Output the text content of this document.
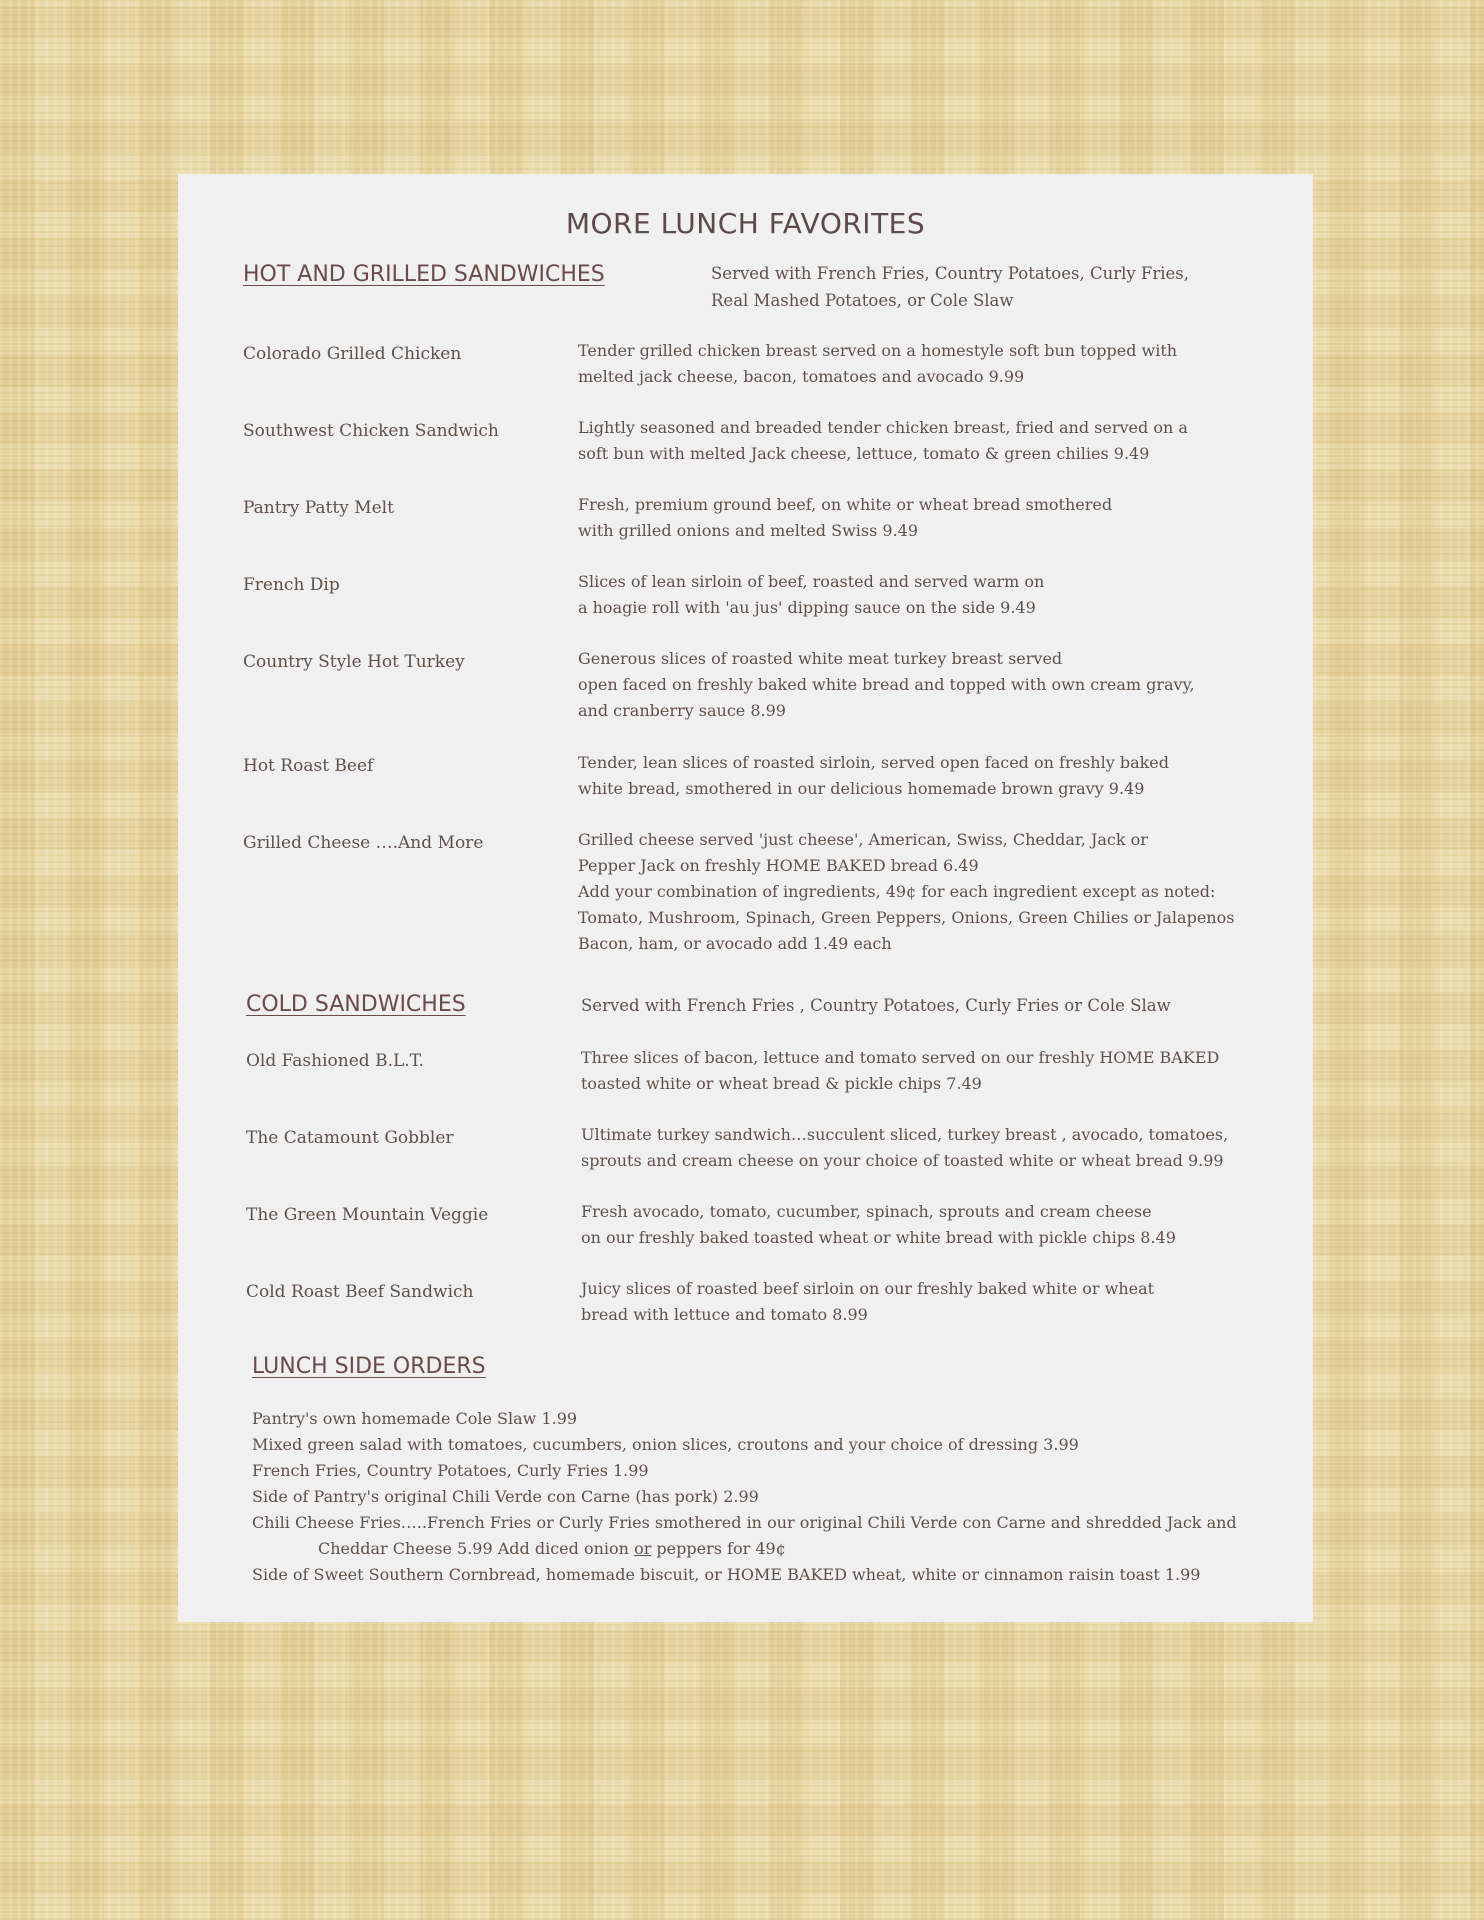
MORE LUNCH FAVORITES
HOT AND GRILLED SANDWICHES	Served with French Fries, Country Potatoes, Curly Fries,
Real Mashed Potatoes, or Cole Slaw
Colorado Grilled Chicken	Tender grilled chicken breast served on a homestyle soft bun topped with
melted jack cheese, bacon, tomatoes and avocado 9.99
Southwest Chicken Sandwich	Lightly seasoned and breaded tender chicken breast, fried and served on a
soft bun with melted Jack cheese, lettuce, tomato & green chilies 9.49
Pantry Patty Melt	Fresh, premium ground beef, on white or wheat bread smothered
with grilled onions and melted Swiss 9.49
French Dip	Slices of lean sirloin of beef, roasted and served warm on
a hoagie roll with 'au jus' dipping sauce on the side 9.49
Country Style Hot Turkey	Generous slices of roasted white meat turkey breast served
open faced on freshly baked white bread and topped with own cream gravy,
and cranberry sauce 8.99
Hot Roast Beef	Tender, lean slices of roasted sirloin, served open faced on freshly baked
white bread, smothered in our delicious homemade brown gravy 9.49
Grilled Cheese ….And More	Grilled cheese served 'just cheese', American, Swiss, Cheddar, Jack or
Pepper Jack on freshly HOME BAKED bread 6.49
Add your combination of ingredients, 49¢ for each ingredient except as noted:
Tomato, Mushroom, Spinach, Green Peppers, Onions, Green Chilies or Jalapenos
Bacon, ham, or avocado add 1.49 each
COLD SANDWICHES	Served with French Fries , Country Potatoes, Curly Fries or Cole Slaw
Old Fashioned B.L.T.	Three slices of bacon, lettuce and tomato served on our freshly HOME BAKED
toasted white or wheat bread & pickle chips 7.49
The Catamount Gobbler	Ultimate turkey sandwich…succulent sliced, turkey breast , avocado, tomatoes,
sprouts and cream cheese on your choice of toasted white or wheat bread 9.99
The Green Mountain Veggie	Fresh avocado, tomato, cucumber, spinach, sprouts and cream cheese
on our freshly baked toasted wheat or white bread with pickle chips 8.49
Cold Roast Beef Sandwich	Juicy slices of roasted beef sirloin on our freshly baked white or wheat
bread with lettuce and tomato 8.99
LUNCH SIDE ORDERS
Pantry's own homemade Cole Slaw 1.99
Mixed green salad with tomatoes, cucumbers, onion slices, croutons and your choice of dressing 3.99
French Fries, Country Potatoes, Curly Fries 1.99
Side of Pantry's original Chili Verde con Carne (has pork) 2.99
Chili Cheese Fries…..French Fries or Curly Fries smothered in our original Chili Verde con Carne and shredded Jack and
Cheddar Cheese 5.99 Add diced onion or peppers for 49¢
Side of Sweet Southern Cornbread, homemade biscuit, or HOME BAKED wheat, white or cinnamon raisin toast 1.99
